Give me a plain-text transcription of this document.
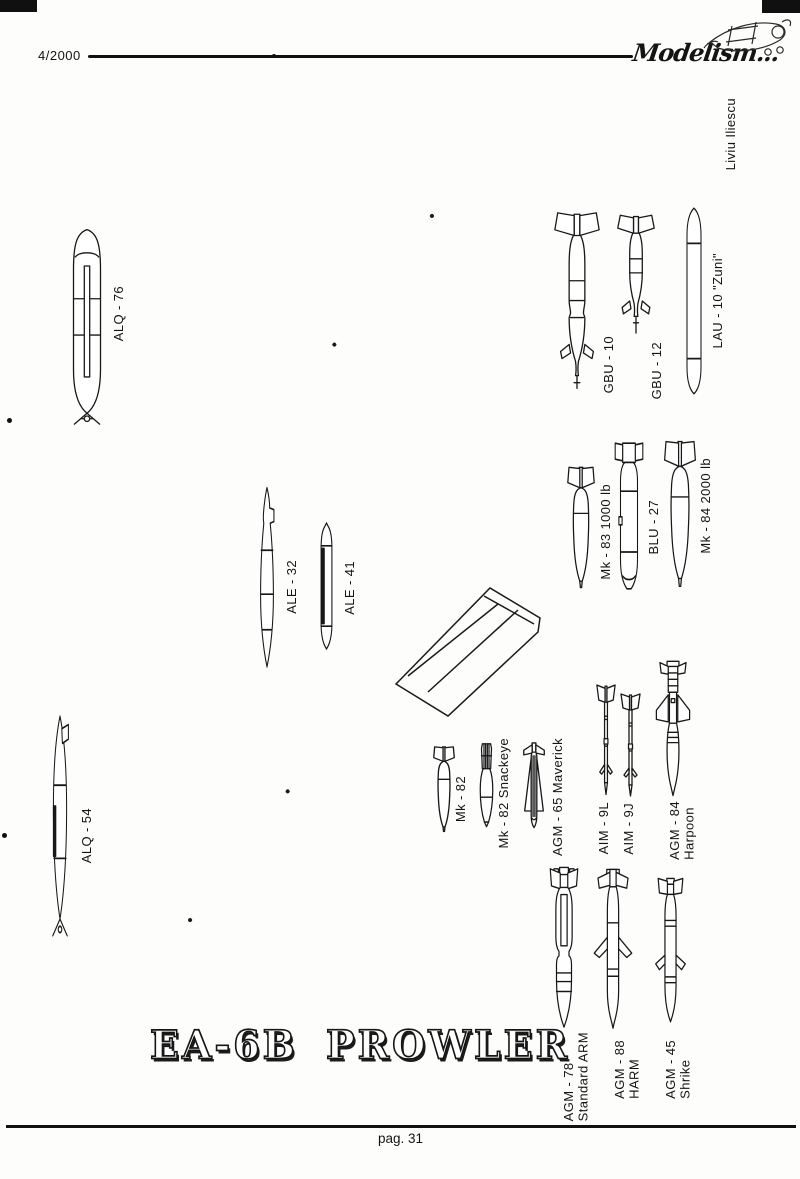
4/2000	Modelism...
Liviu Iliescu
ALQ - 76
ALE - 32	ALE - 41
ALQ - 54
GBU - 10	GBU - 12
LAU - 10 "Zuni"
Mk - 83 1000 lb	BLU - 27	Mk - 84 2000 lb
Mk - 82 Mk - 82 Snackeye	AGM - 65 Maverick AIM - 9L AIM - 9J AGM - 84 Harpoon
AGM - 78 Standard ARM AGM - 88 HARM AGM - 45 Shrike
EA-6B PROWLER
pag. 31
